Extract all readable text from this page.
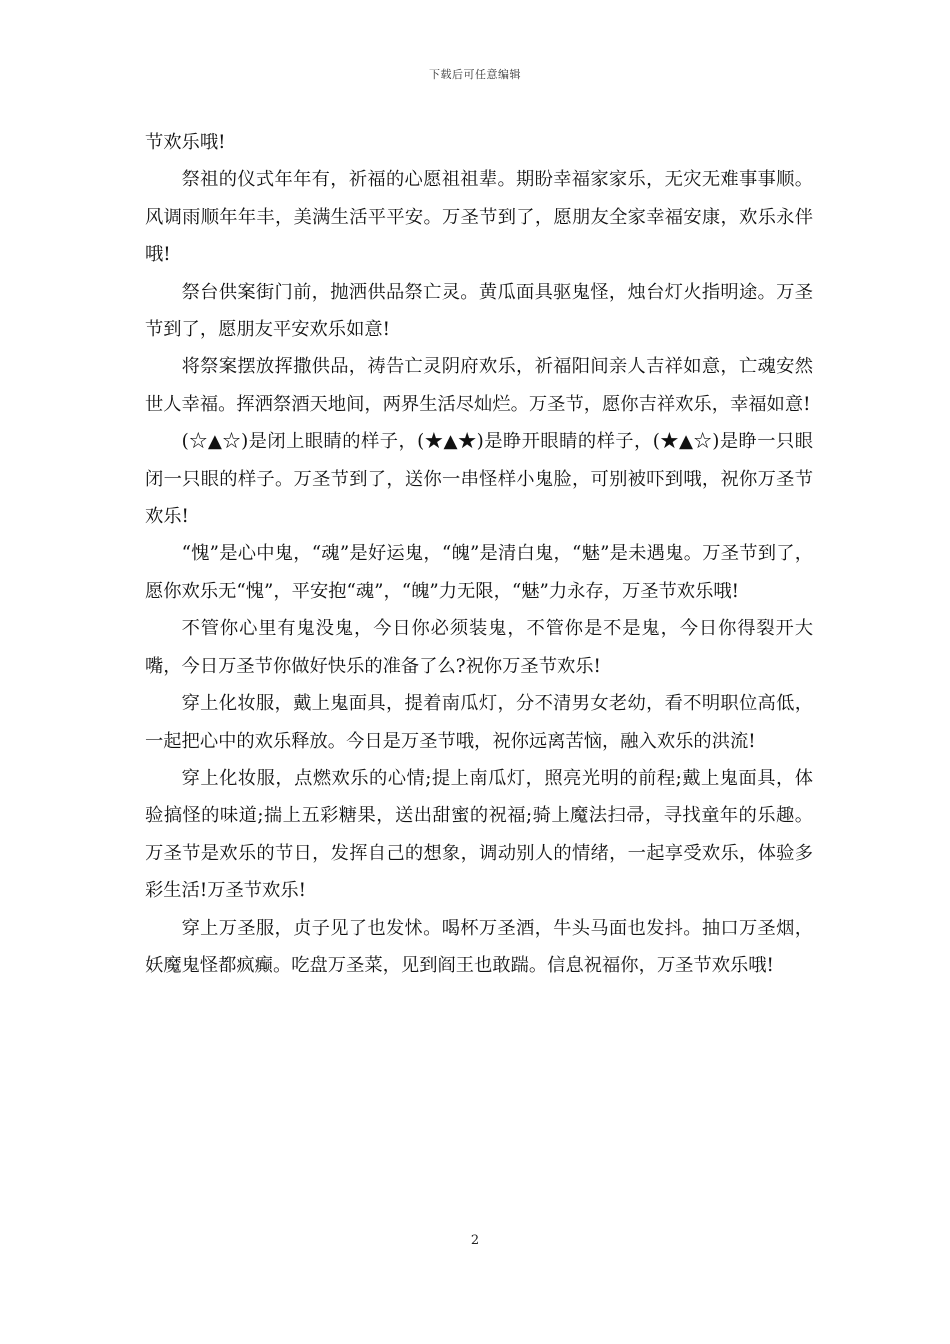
下载后可任意编辑

节欢乐哦!

祭祖的仪式年年有，祈福的心愿祖祖辈。期盼幸福家家乐，无灾无难事事顺。风调雨顺年年丰，美满生活平平安。万圣节到了，愿朋友全家幸福安康，欢乐永伴哦!

祭台供案街门前，抛洒供品祭亡灵。黄瓜面具驱鬼怪，烛台灯火指明途。万圣节到了，愿朋友平安欢乐如意!

将祭案摆放挥撒供品，祷告亡灵阴府欢乐，祈福阳间亲人吉祥如意，亡魂安然世人幸福。挥洒祭酒天地间，两界生活尽灿烂。万圣节，愿你吉祥欢乐，幸福如意!

(☆▲☆)是闭上眼睛的样子，(★▲★)是睁开眼睛的样子，(★▲☆)是睁一只眼闭一只眼的样子。万圣节到了，送你一串怪样小鬼脸，可别被吓到哦，祝你万圣节欢乐!

“愧”是心中鬼，“魂”是好运鬼，“魄”是清白鬼，“魅”是未遇鬼。万圣节到了，愿你欢乐无“愧”，平安抱“魂”，“魄”力无限，“魅”力永存，万圣节欢乐哦!

不管你心里有鬼没鬼，今日你必须装鬼，不管你是不是鬼，今日你得裂开大嘴，今日万圣节你做好快乐的准备了么?祝你万圣节欢乐!

穿上化妆服，戴上鬼面具，提着南瓜灯，分不清男女老幼，看不明职位高低，一起把心中的欢乐释放。今日是万圣节哦，祝你远离苦恼，融入欢乐的洪流!

穿上化妆服，点燃欢乐的心情;提上南瓜灯，照亮光明的前程;戴上鬼面具，体验搞怪的味道;揣上五彩糖果，送出甜蜜的祝福;骑上魔法扫帚，寻找童年的乐趣。万圣节是欢乐的节日，发挥自己的想象，调动别人的情绪，一起享受欢乐，体验多彩生活!万圣节欢乐!

穿上万圣服，贞子见了也发怵。喝杯万圣酒，牛头马面也发抖。抽口万圣烟，妖魔鬼怪都疯癫。吃盘万圣菜，见到阎王也敢踹。信息祝福你，万圣节欢乐哦!

2
